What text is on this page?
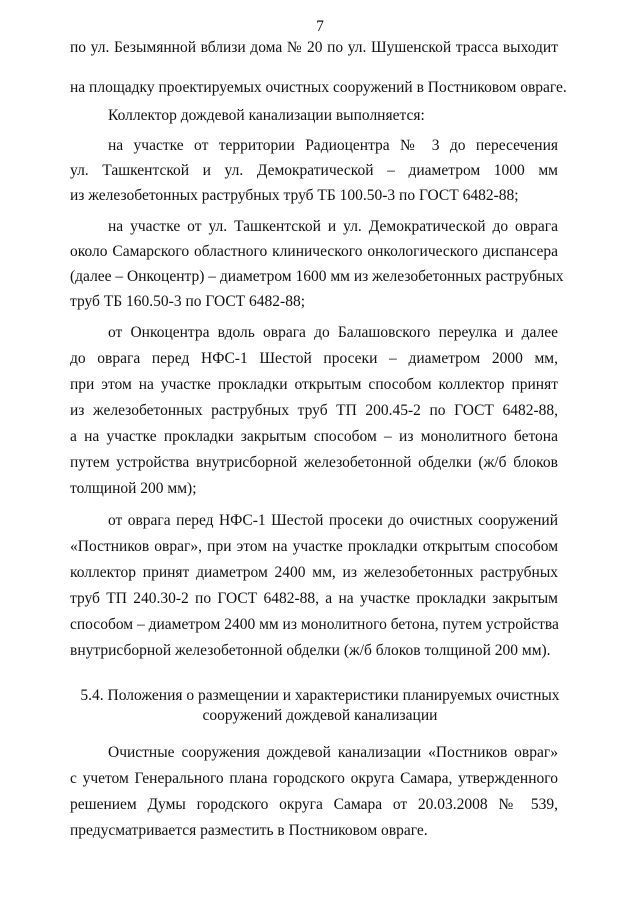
7
по ул. Безымянной вблизи дома № 20 по ул. Шушенской трасса выходит
на площадку проектируемых очистных сооружений в Постниковом овраге.
Коллектор дождевой канализации выполняется:
на участке от территории Радиоцентра № 3 до пересечения
ул. Ташкентской и ул. Демократической – диаметром 1000 мм
из железобетонных раструбных труб ТБ 100.50-3 по ГОСТ 6482-88;
на участке от ул. Ташкентской и ул. Демократической до оврага
около Самарского областного клинического онкологического диспансера
(далее – Онкоцентр) – диаметром 1600 мм из железобетонных раструбных
труб ТБ 160.50-3 по ГОСТ 6482-88;
от Онкоцентра вдоль оврага до Балашовского переулка и далее
до оврага перед НФС-1 Шестой просеки – диаметром 2000 мм,
при этом на участке прокладки открытым способом коллектор принят
из железобетонных раструбных труб ТП 200.45-2 по ГОСТ 6482-88,
а на участке прокладки закрытым способом – из монолитного бетона
путем устройства внутрисборной железобетонной обделки (ж/б блоков
толщиной 200 мм);
от оврага перед НФС-1 Шестой просеки до очистных сооружений
«Постников овраг», при этом на участке прокладки открытым способом
коллектор принят диаметром 2400 мм, из железобетонных раструбных
труб ТП 240.30-2 по ГОСТ 6482-88, а на участке прокладки закрытым
способом – диаметром 2400 мм из монолитного бетона, путем устройства
внутрисборной железобетонной обделки (ж/б блоков толщиной 200 мм).
5.4. Положения о размещении и характеристики планируемых очистных
сооружений дождевой канализации
Очистные сооружения дождевой канализации «Постников овраг»
с учетом Генерального плана городского округа Самара, утвержденного
решением Думы городского округа Самара от 20.03.2008 № 539,
предусматривается разместить в Постниковом овраге.
